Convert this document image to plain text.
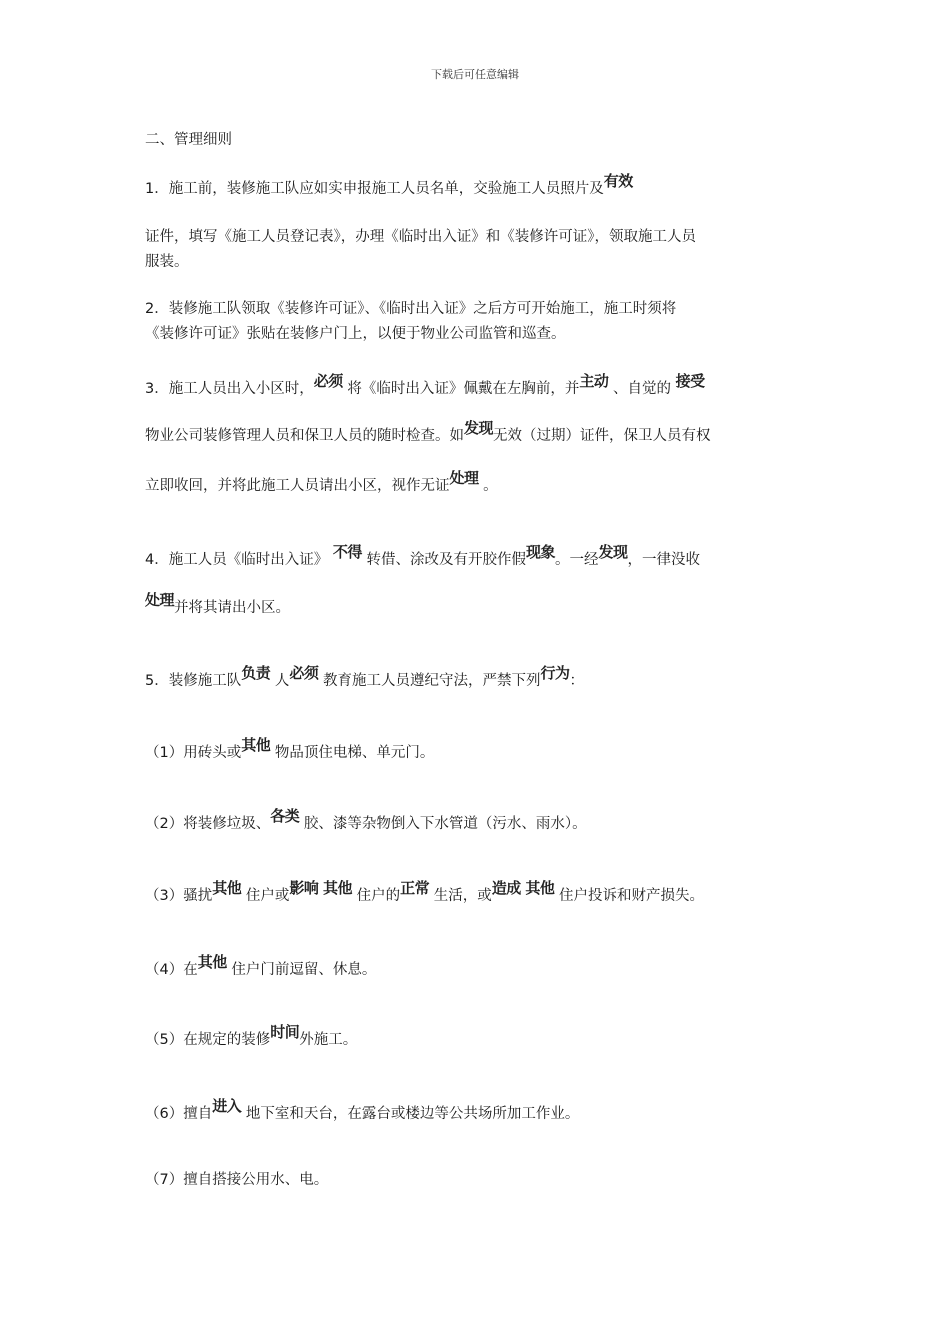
下载后可任意编辑
二、管理细则
1．施工前，装修施工队应如实申报施工人员名单，交验施工人员照片及有效
证件，填写《施工人员登记表》，办理《临时出入证》和《装修许可证》，领取施工人员
服装。
2．装修施工队领取《装修许可证》、《临时出入证》之后方可开始施工，施工时须将
《装修许可证》张贴在装修户门上，以便于物业公司监管和巡查。
3．施工人员出入小区时，必须 将《临时出入证》佩戴在左胸前，并主动 、自觉的 接受
物业公司装修管理人员和保卫人员的随时检查。如发现无效（过期）证件，保卫人员有权
立即收回，并将此施工人员请出小区，视作无证处理 。
4．施工人员《临时出入证》 不得 转借、涂改及有开胶作假现象。一经发现，一律没收
处理并将其请出小区。
5．装修施工队负责 人必须 教育施工人员遵纪守法，严禁下列行为：
（1）用砖头或其他 物品顶住电梯、单元门。
（2）将装修垃圾、各类 胶、漆等杂物倒入下水管道（污水、雨水）。
（3）骚扰其他 住户或影响 其他 住户的正常 生活，或造成 其他 住户投诉和财产损失。
（4）在其他 住户门前逗留、休息。
（5）在规定的装修时间外施工。
（6）擅自进入 地下室和天台，在露台或楼边等公共场所加工作业。
（7）擅自搭接公用水、电。
